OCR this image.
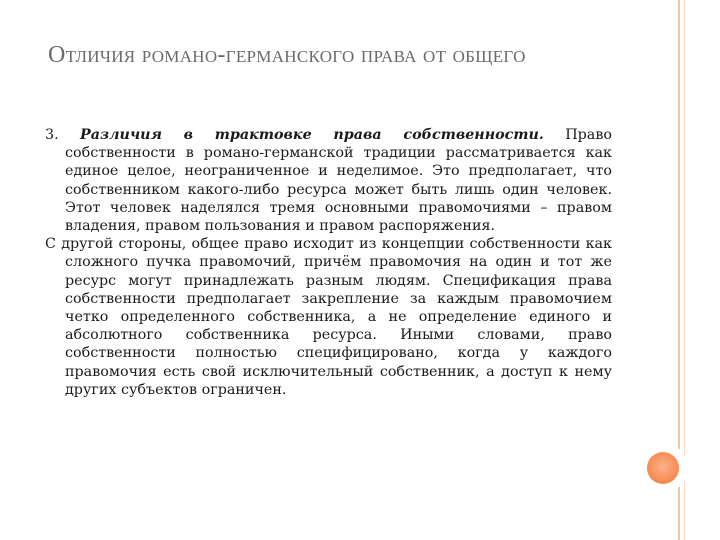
Отличия романо-германского права от общего

3. Различия в трактовке права собственности. Право собственности в романо-германской традиции рассматривается как единое целое, неограниченное и неделимое. Это предполагает, что собственником какого-либо ресурса может быть лишь один человек. Этот человек наделялся тремя основными правомочиями – правом владения, правом пользования и правом распоряжения.

С другой стороны, общее право исходит из концепции собственности как сложного пучка правомочий, причём правомочия на один и тот же ресурс могут принадлежать разным людям. Спецификация права собственности предполагает закрепление за каждым правомочием четко определенного собственника, а не определение единого и абсолютного собственника ресурса. Иными словами, право собственности полностью специфицировано, когда у каждого правомочия есть свой исключительный собственник, а доступ к нему других субъектов ограничен.
